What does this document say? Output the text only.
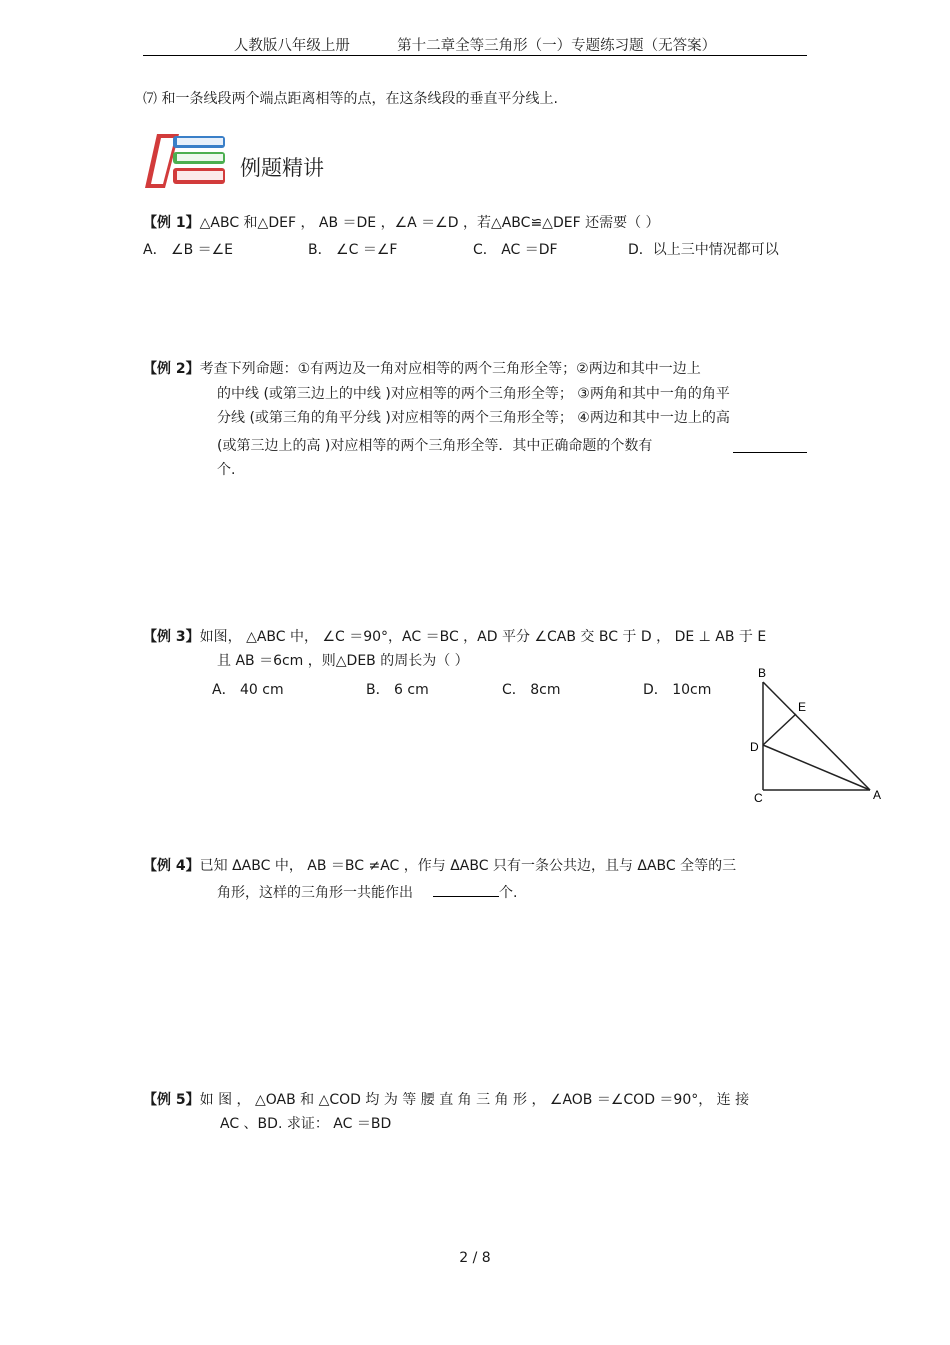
人教版八年级上册	第十二章全等三角形（一）专题练习题（无答案）
⑺ 和一条线段两个端点距离相等的点，在这条线段的垂直平分线上.
例题精讲
【例 1】△ABC 和△DEF ， AB ＝DE ，∠A ＝∠D ，若△ABC≌△DEF 还需要（ ）
A． ∠B ＝∠E	B． ∠C ＝∠F	C． AC ＝DF	D．以上三中情况都可以
【例 2】考查下列命题：①有两边及一角对应相等的两个三角形全等；②两边和其中一边上
的中线 (或第三边上的中线 )对应相等的两个三角形全等； ③两角和其中一角的角平
分线 (或第三角的角平分线 )对应相等的两个三角形全等； ④两边和其中一边上的高
(或第三边上的高 )对应相等的两个三角形全等．其中正确命题的个数有
个.
【例 3】如图， △ABC 中， ∠C ＝90°，AC ＝BC ，AD 平分 ∠CAB 交 BC 于 D ， DE ⊥ AB 于 E
且 AB ＝6cm ，则△DEB 的周长为（ ）
A． 40 cm	B． 6 cm	C． 8cm	D． 10cm
B
E
D
C	A
【例 4】已知 ΔABC 中， AB ＝BC ≠AC ，作与 ΔABC 只有一条公共边，且与 ΔABC 全等的三
角形，这样的三角形一共能作出	个.
【例 5】如 图 ， △OAB 和 △COD 均 为 等 腰 直 角 三 角 形 ， ∠AOB ＝∠COD ＝90°， 连 接
AC 、BD. 求证： AC ＝BD
2 / 8
